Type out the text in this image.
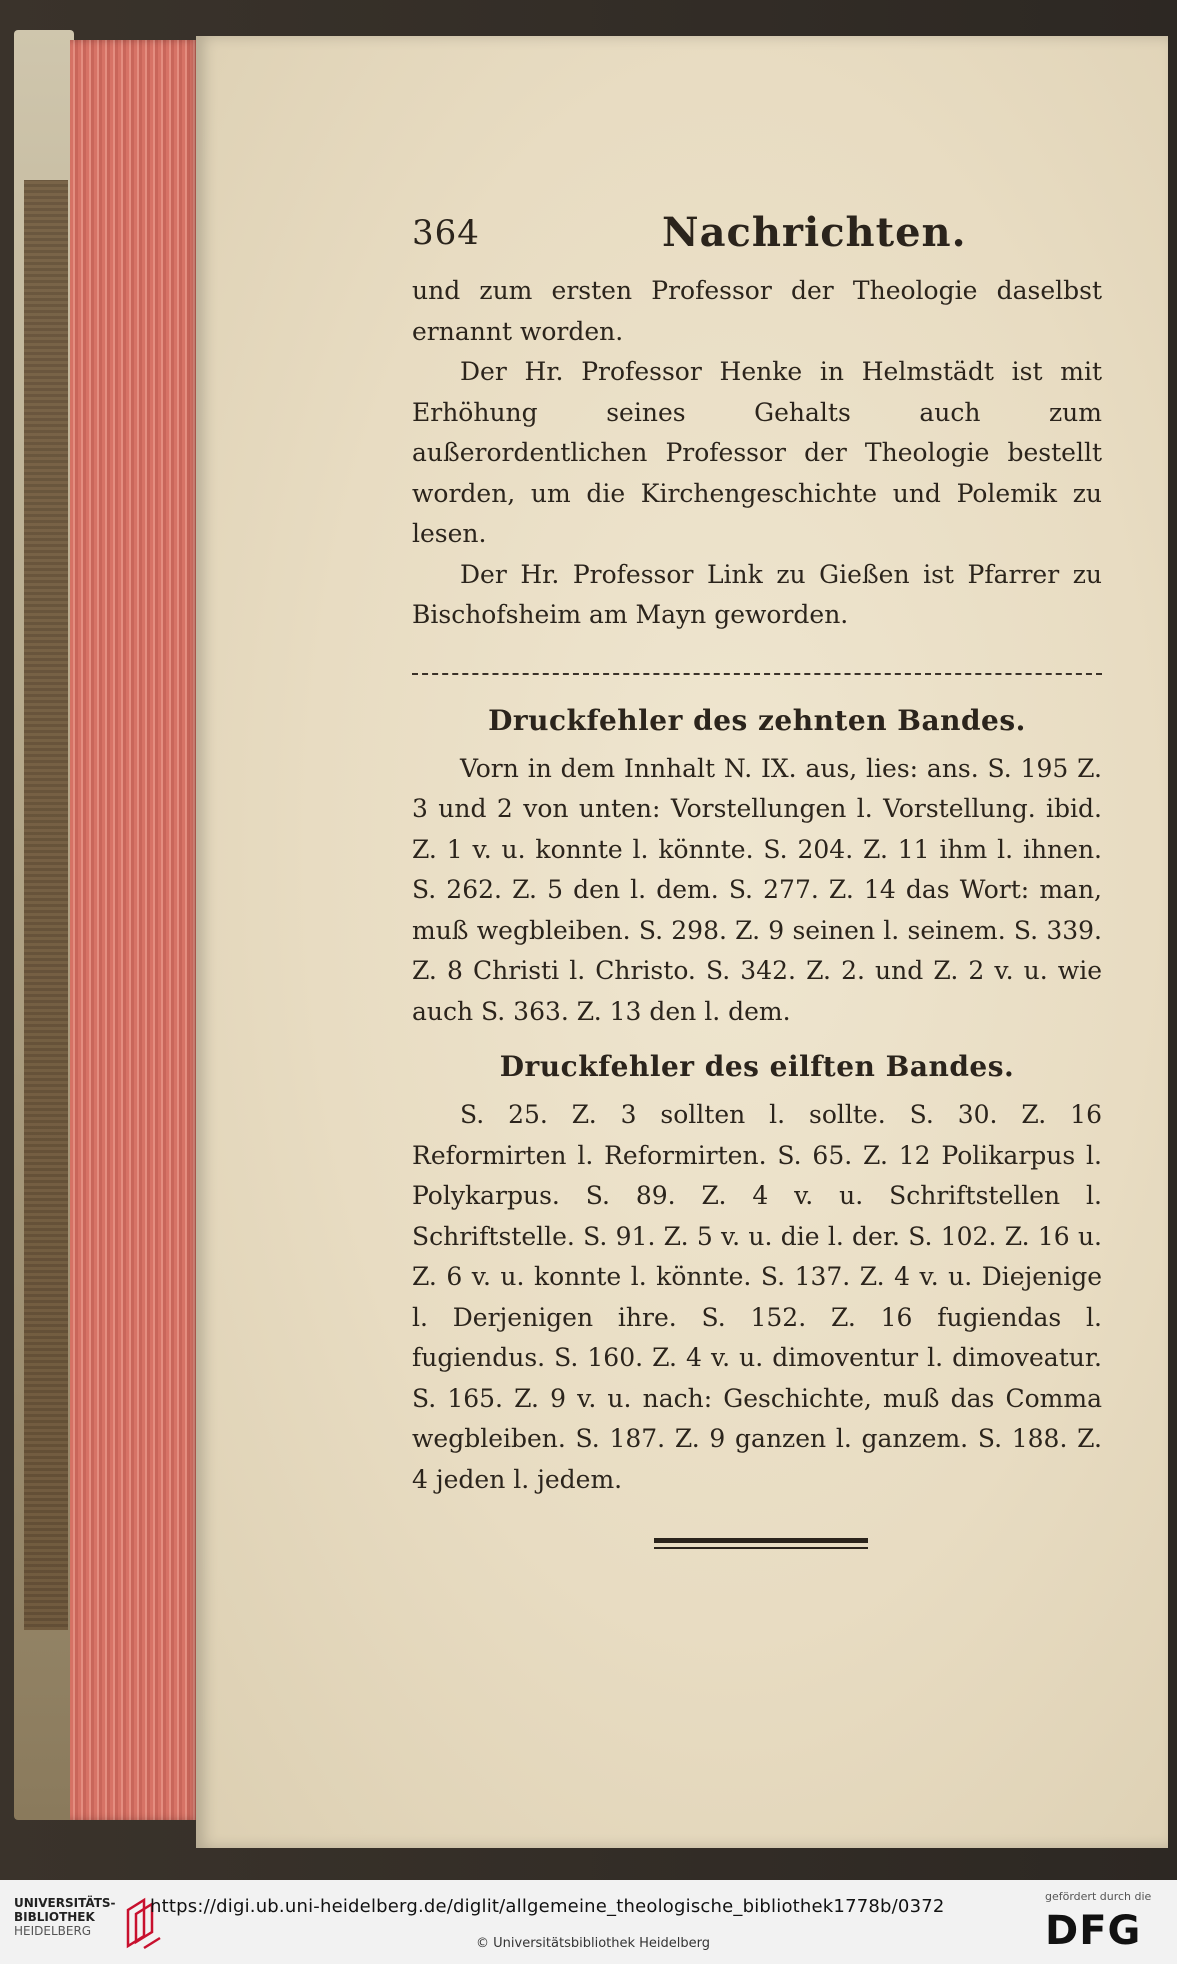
364	Nachrichten.

und zum ersten Professor der Theologie daselbst ernannt worden.

Der Hr. Professor Henke in Helmstädt ist mit Erhöhung seines Gehalts auch zum außerordentlichen Professor der Theologie bestellt worden, um die Kirchengeschichte und Polemik zu lesen.

Der Hr. Professor Link zu Gießen ist Pfarrer zu Bischofsheim am Mayn geworden.

Druckfehler des zehnten Bandes.

Vorn in dem Innhalt N. IX. aus, lies: ans. S. 195 Z. 3 und 2 von unten: Vorstellungen l. Vorstellung. ibid. Z. 1 v. u. konnte l. könnte. S. 204. Z. 11 ihm l. ihnen. S. 262. Z. 5 den l. dem. S. 277. Z. 14 das Wort: man, muß wegbleiben. S. 298. Z. 9 seinen l. seinem. S. 339. Z. 8 Christi l. Christo. S. 342. Z. 2. und Z. 2 v. u. wie auch S. 363. Z. 13 den l. dem.

Druckfehler des eilften Bandes.

S. 25. Z. 3 sollten l. sollte. S. 30. Z. 16 Reformirten l. Reformirten. S. 65. Z. 12 Polikarpus l. Polykarpus. S. 89. Z. 4 v. u. Schriftstellen l. Schriftstelle. S. 91. Z. 5 v. u. die l. der. S. 102. Z. 16 u. Z. 6 v. u. konnte l. könnte. S. 137. Z. 4 v. u. Diejenige l. Derjenigen ihre. S. 152. Z. 16 fugiendas l. fugiendus. S. 160. Z. 4 v. u. dimoventur l. dimoveatur. S. 165. Z. 9 v. u. nach: Geschichte, muß das Comma wegbleiben. S. 187. Z. 9 ganzen l. ganzem. S. 188. Z. 4 jeden l. jedem.

UNIVERSITÄTS-
BIBLIOTHEK
HEIDELBERG
https://digi.ub.uni-heidelberg.de/diglit/allgemeine_theologische_bibliothek1778b/0372
© Universitätsbibliothek Heidelberg
gefördert durch die
DFG
